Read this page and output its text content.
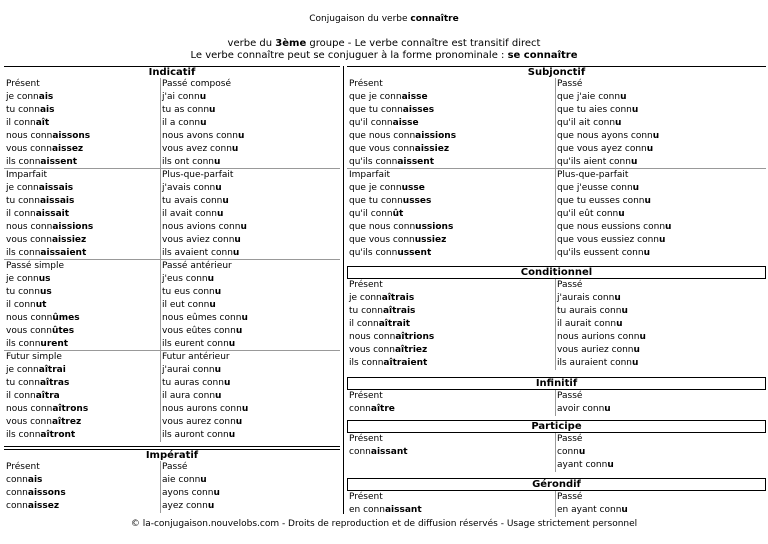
Conjugaison du verbe connaître
verbe du 3ème groupe - Le verbe connaître est transitif direct
Le verbe connaître peut se conjuguer à la forme pronominale : se connaître
Indicatif
Présent
je connais
tu connais
il connaît
nous connaissons
vous connaissez
ils connaissent
Passé composé
j'ai connu
tu as connu
il a connu
nous avons connu
vous avez connu
ils ont connu
Imparfait
je connaissais
tu connaissais
il connaissait
nous connaissions
vous connaissiez
ils connaissaient
Plus-que-parfait
j'avais connu
tu avais connu
il avait connu
nous avions connu
vous aviez connu
ils avaient connu
Passé simple
je connus
tu connus
il connut
nous connûmes
vous connûtes
ils connurent
Passé antérieur
j'eus connu
tu eus connu
il eut connu
nous eûmes connu
vous eûtes connu
ils eurent connu
Futur simple
je connaîtrai
tu connaîtras
il connaîtra
nous connaîtrons
vous connaîtrez
ils connaîtront
Futur antérieur
j'aurai connu
tu auras connu
il aura connu
nous aurons connu
vous aurez connu
ils auront connu
Impératif
Présent
connais
connaissons
connaissez
Passé
aie connu
ayons connu
ayez connu
Subjonctif
Présent
que je connaisse
que tu connaisses
qu'il connaisse
que nous connaissions
que vous connaissiez
qu'ils connaissent
Passé
que j'aie connu
que tu aies connu
qu'il ait connu
que nous ayons connu
que vous ayez connu
qu'ils aient connu
Imparfait
que je connusse
que tu connusses
qu'il connût
que nous connussions
que vous connussiez
qu'ils connussent
Plus-que-parfait
que j'eusse connu
que tu eusses connu
qu'il eût connu
que nous eussions connu
que vous eussiez connu
qu'ils eussent connu
Conditionnel
Présent
je connaîtrais
tu connaîtrais
il connaîtrait
nous connaîtrions
vous connaîtriez
ils connaîtraient
Passé
j'aurais connu
tu aurais connu
il aurait connu
nous aurions connu
vous auriez connu
ils auraient connu
Infinitif
Présent
connaître
Passé
avoir connu
Participe
Présent
connaissant
Passé
connu
ayant connu
Gérondif
Présent
en connaissant
Passé
en ayant connu
© la-conjugaison.nouvelobs.com - Droits de reproduction et de diffusion réservés - Usage strictement personnel
